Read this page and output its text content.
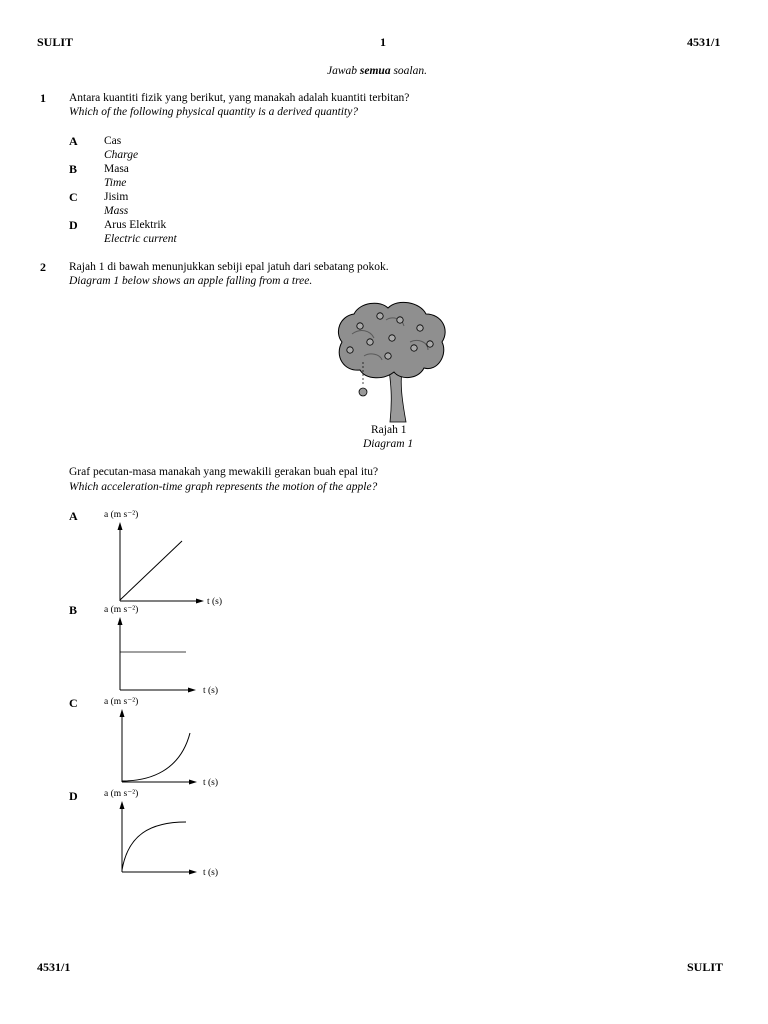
SULIT	1	4531/1
Jawab semua soalan.
1 Antara kuantiti fizik yang berikut, yang manakah adalah kuantiti terbitan?
Which of the following physical quantity is a derived quantity?
A Cas
Charge
B Masa
Time
C Jisim
Mass
D Arus Elektrik
Electric current
2 Rajah 1 di bawah menunjukkan sebiji epal jatuh dari sebatang pokok.
Diagram 1 below shows an apple falling from a tree.
Rajah 1
Diagram 1
Graf pecutan-masa manakah yang mewakili gerakan buah epal itu?
Which acceleration-time graph represents the motion of the apple?
A	a (m s⁻²)
t (s)
B	a (m s⁻²)
t (s)
C	a (m s⁻²)
t (s)
D	a (m s⁻²)
t (s)
4531/1	SULIT
